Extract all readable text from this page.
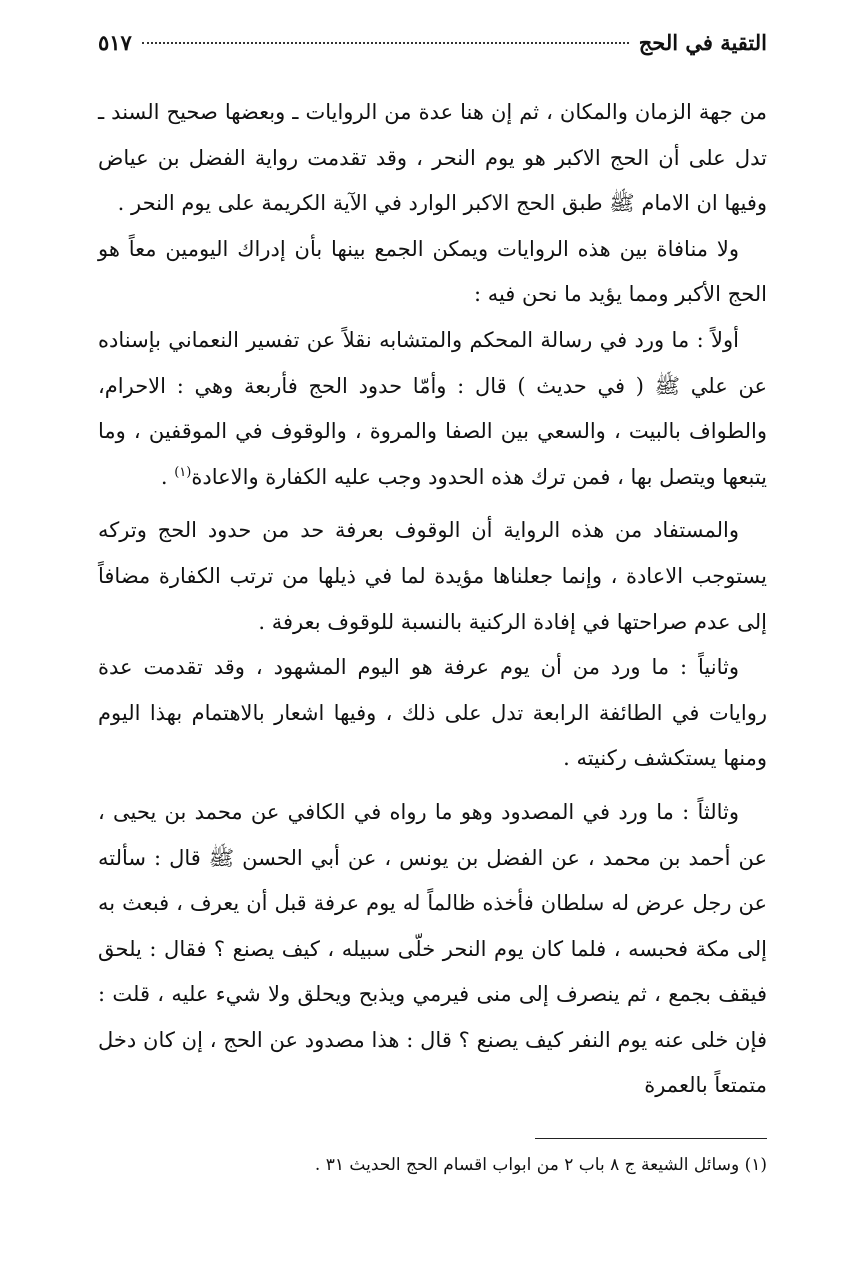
التقية في الحج
٥١٧

من جهة الزمان والمكان ، ثم إن هنا عدة من الروايات ـ وبعضها صحيح السند ـ تدل على أن الحج الاكبر هو يوم النحر ، وقد تقدمت رواية الفضل بن عياض وفيها ان الامام ﷺ طبق الحج الاكبر الوارد في الآية الكريمة على يوم النحر .

ولا منافاة بين هذه الروايات ويمكن الجمع بينها بأن إدراك اليومين معاً هو الحج الأكبر ومما يؤيد ما نحن فيه :

أولاً : ما ورد في رسالة المحكم والمتشابه نقلاً عن تفسير النعماني بإسناده عن علي ﷺ ( في حديث ) قال : وأمّا حدود الحج فأربعة وهي : الاحرام، والطواف بالبيت ، والسعي بين الصفا والمروة ، والوقوف في الموقفين ، وما يتبعها ويتصل بها ، فمن ترك هذه الحدود وجب عليه الكفارة والاعادة$^{(١)}$ .

والمستفاد من هذه الرواية أن الوقوف بعرفة حد من حدود الحج وتركه يستوجب الاعادة ، وإنما جعلناها مؤيدة لما في ذيلها من ترتب الكفارة مضافاً إلى عدم صراحتها في إفادة الركنية بالنسبة للوقوف بعرفة .

وثانياً : ما ورد من أن يوم عرفة هو اليوم المشهود ، وقد تقدمت عدة روايات في الطائفة الرابعة تدل على ذلك ، وفيها اشعار بالاهتمام بهذا اليوم ومنها يستكشف ركنيته .

وثالثاً : ما ورد في المصدود وهو ما رواه في الكافي عن محمد بن يحيى ، عن أحمد بن محمد ، عن الفضل بن يونس ، عن أبي الحسن ﷺ قال : سألته عن رجل عرض له سلطان فأخذه ظالماً له يوم عرفة قبل أن يعرف ، فبعث به إلى مكة فحبسه ، فلما كان يوم النحر خلّى سبيله ، كيف يصنع ؟ فقال : يلحق فيقف بجمع ، ثم ينصرف إلى منى فيرمي ويذبح ويحلق ولا شيء عليه ، قلت : فإن خلى عنه يوم النفر كيف يصنع ؟ قال : هذا مصدود عن الحج ، إن كان دخل متمتعاً بالعمرة

(١) وسائل الشيعة ج ٨ باب ٢ من ابواب اقسام الحج الحديث ٣١ .
